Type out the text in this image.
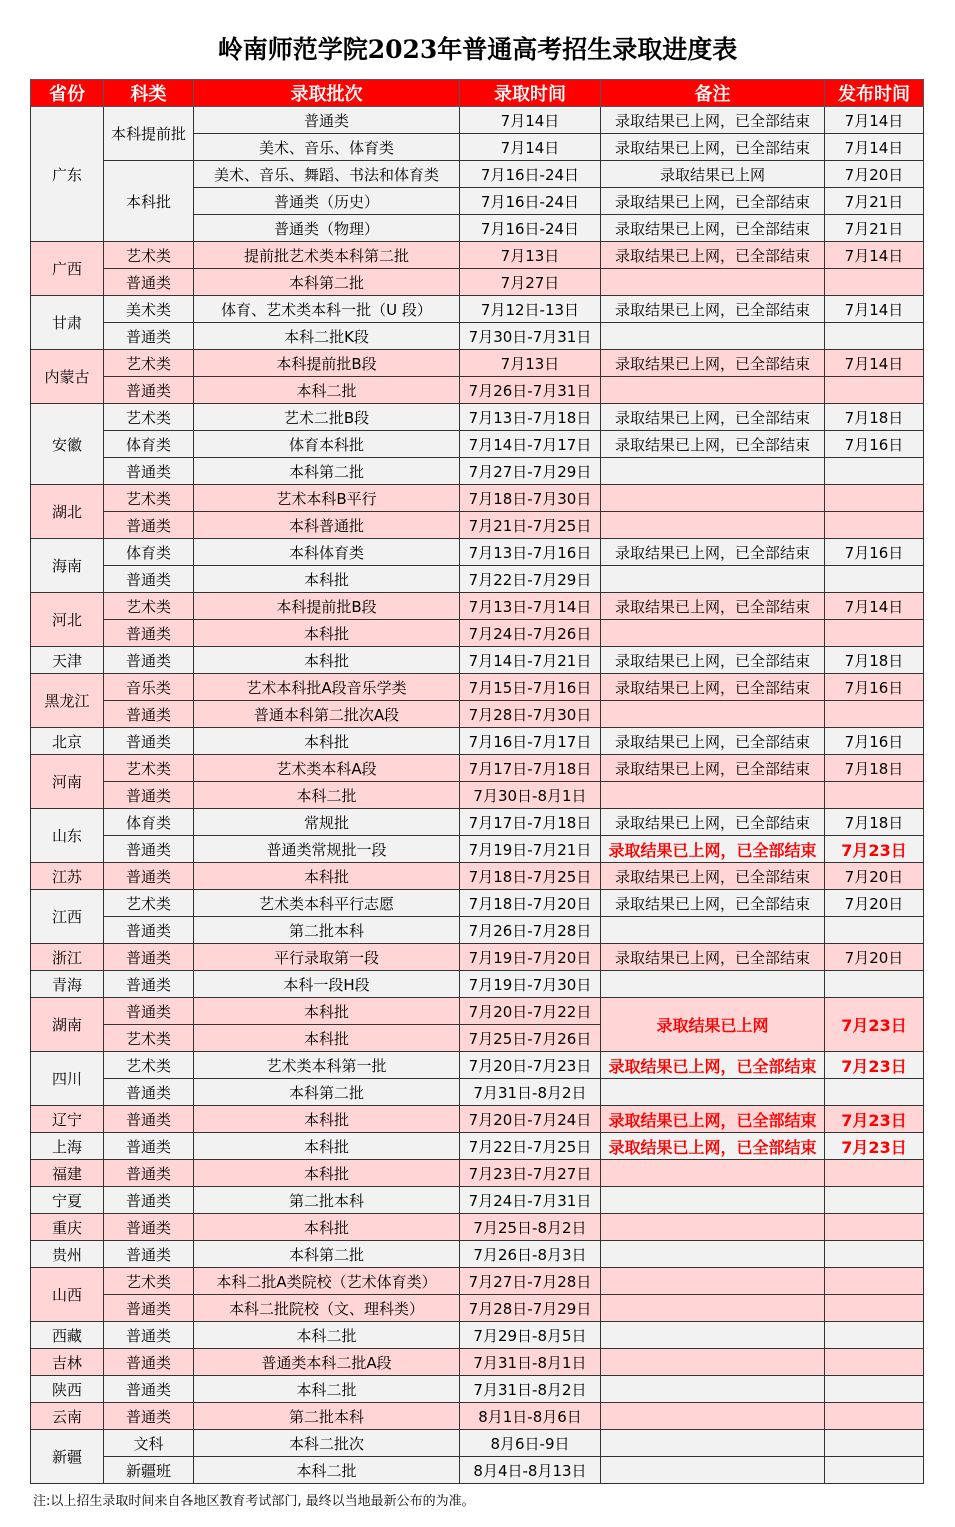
岭南师范学院2023年普通高考招生录取进度表
省份	科类	录取批次	录取时间	备注	发布时间
广东	本科提前批	普通类	7月14日	录取结果已上网，已全部结束	7月14日
		美术、音乐、体育类	7月14日	录取结果已上网，已全部结束	7月14日
	本科批	美术、音乐、舞蹈、书法和体育类	7月16日-24日	录取结果已上网	7月20日
		普通类（历史）	7月16日-24日	录取结果已上网，已全部结束	7月21日
		普通类（物理）	7月16日-24日	录取结果已上网，已全部结束	7月21日
广西	艺术类	提前批艺术类本科第二批	7月13日	录取结果已上网，已全部结束	7月14日
	普通类	本科第二批	7月27日		
甘肃	美术类	体育、艺术类本科一批（U 段）	7月12日-13日	录取结果已上网，已全部结束	7月14日
	普通类	本科二批K段	7月30日-7月31日		
内蒙古	艺术类	本科提前批B段	7月13日	录取结果已上网，已全部结束	7月14日
	普通类	本科二批	7月26日-7月31日		
安徽	艺术类	艺术二批B段	7月13日-7月18日	录取结果已上网，已全部结束	7月18日
	体育类	体育本科批	7月14日-7月17日	录取结果已上网，已全部结束	7月16日
	普通类	本科第二批	7月27日-7月29日		
湖北	艺术类	艺术本科B平行	7月18日-7月30日		
	普通类	本科普通批	7月21日-7月25日		
海南	体育类	本科体育类	7月13日-7月16日	录取结果已上网，已全部结束	7月16日
	普通类	本科批	7月22日-7月29日		
河北	艺术类	本科提前批B段	7月13日-7月14日	录取结果已上网，已全部结束	7月14日
	普通类	本科批	7月24日-7月26日		
天津	普通类	本科批	7月14日-7月21日	录取结果已上网，已全部结束	7月18日
黑龙江	音乐类	艺术本科批A段音乐学类	7月15日-7月16日	录取结果已上网，已全部结束	7月16日
	普通类	普通本科第二批次A段	7月28日-7月30日		
北京	普通类	本科批	7月16日-7月17日	录取结果已上网，已全部结束	7月16日
河南	艺术类	艺术类本科A段	7月17日-7月18日	录取结果已上网，已全部结束	7月18日
	普通类	本科二批	7月30日-8月1日		
山东	体育类	常规批	7月17日-7月18日	录取结果已上网，已全部结束	7月18日
	普通类	普通类常规批一段	7月19日-7月21日	录取结果已上网，已全部结束	7月23日
江苏	普通类	本科批	7月18日-7月25日	录取结果已上网，已全部结束	7月20日
江西	艺术类	艺术类本科平行志愿	7月18日-7月20日	录取结果已上网，已全部结束	7月20日
	普通类	第二批本科	7月26日-7月28日		
浙江	普通类	平行录取第一段	7月19日-7月20日	录取结果已上网，已全部结束	7月20日
青海	普通类	本科一段H段	7月19日-7月30日		
湖南	普通类	本科批	7月20日-7月22日	录取结果已上网	7月23日
	艺术类	本科批	7月25日-7月26日		
四川	艺术类	艺术类本科第一批	7月20日-7月23日	录取结果已上网，已全部结束	7月23日
	普通类	本科第二批	7月31日-8月2日		
辽宁	普通类	本科批	7月20日-7月24日	录取结果已上网，已全部结束	7月23日
上海	普通类	本科批	7月22日-7月25日	录取结果已上网，已全部结束	7月23日
福建	普通类	本科批	7月23日-7月27日		
宁夏	普通类	第二批本科	7月24日-7月31日		
重庆	普通类	本科批	7月25日-8月2日		
贵州	普通类	本科第二批	7月26日-8月3日		
山西	艺术类	本科二批A类院校（艺术体育类）	7月27日-7月28日		
	普通类	本科二批院校（文、理科类）	7月28日-7月29日		
西藏	普通类	本科二批	7月29日-8月5日		
吉林	普通类	普通类本科二批A段	7月31日-8月1日		
陕西	普通类	本科二批	7月31日-8月2日		
云南	普通类	第二批本科	8月1日-8月6日		
新疆	文科	本科二批次	8月6日-9日		
	新疆班	本科二批	8月4日-8月13日		
注:以上招生录取时间来自各地区教育考试部门, 最终以当地最新公布的为准。
